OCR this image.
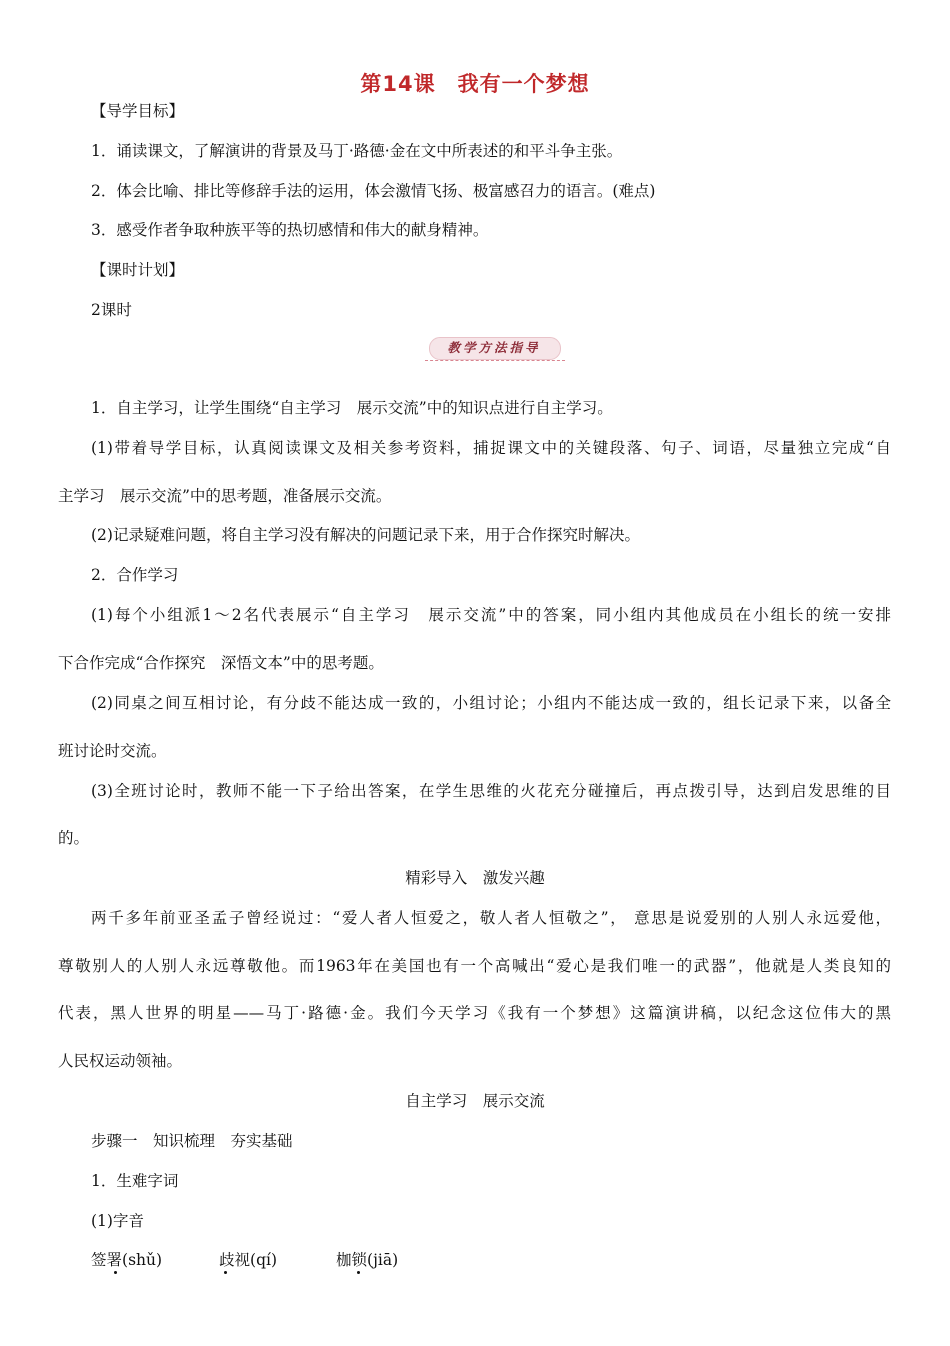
第14课　我有一个梦想
【导学目标】
1．诵读课文，了解演讲的背景及马丁·路德·金在文中所表述的和平斗争主张。
2．体会比喻、排比等修辞手法的运用，体会激情飞扬、极富感召力的语言。(难点)
3．感受作者争取种族平等的热切感情和伟大的献身精神。
【课时计划】
2课时
教学方法指导
1．自主学习，让学生围绕“自主学习　展示交流”中的知识点进行自主学习。
(1)带着导学目标，认真阅读课文及相关参考资料，捕捉课文中的关键段落、句子、词语，尽量独立完成“自
主学习　展示交流”中的思考题，准备展示交流。
(2)记录疑难问题，将自主学习没有解决的问题记录下来，用于合作探究时解决。
2．合作学习
(1)每个小组派1～2名代表展示“自主学习　展示交流”中的答案，同小组内其他成员在小组长的统一安排
下合作完成“合作探究　深悟文本”中的思考题。
(2)同桌之间互相讨论，有分歧不能达成一致的，小组讨论；小组内不能达成一致的，组长记录下来，以备全
班讨论时交流。
(3)全班讨论时，教师不能一下子给出答案，在学生思维的火花充分碰撞后，再点拨引导，达到启发思维的目
的。
精彩导入　激发兴趣
两千多年前亚圣孟子曾经说过：“爱人者人恒爱之，敬人者人恒敬之”， 意思是说爱别的人别人永远爱他，
尊敬别人的人别人永远尊敬他。而1963年在美国也有一个高喊出“爱心是我们唯一的武器”，他就是人类良知的
代表，黑人世界的明星——马丁·路德·金。我们今天学习《我有一个梦想》这篇演讲稿，以纪念这位伟大的黑
人民权运动领袖。
自主学习　展示交流
步骤一　知识梳理　夯实基础
1．生难字词
(1)字音
签署(shǔ)	歧视(qí)	枷锁(jiā)
